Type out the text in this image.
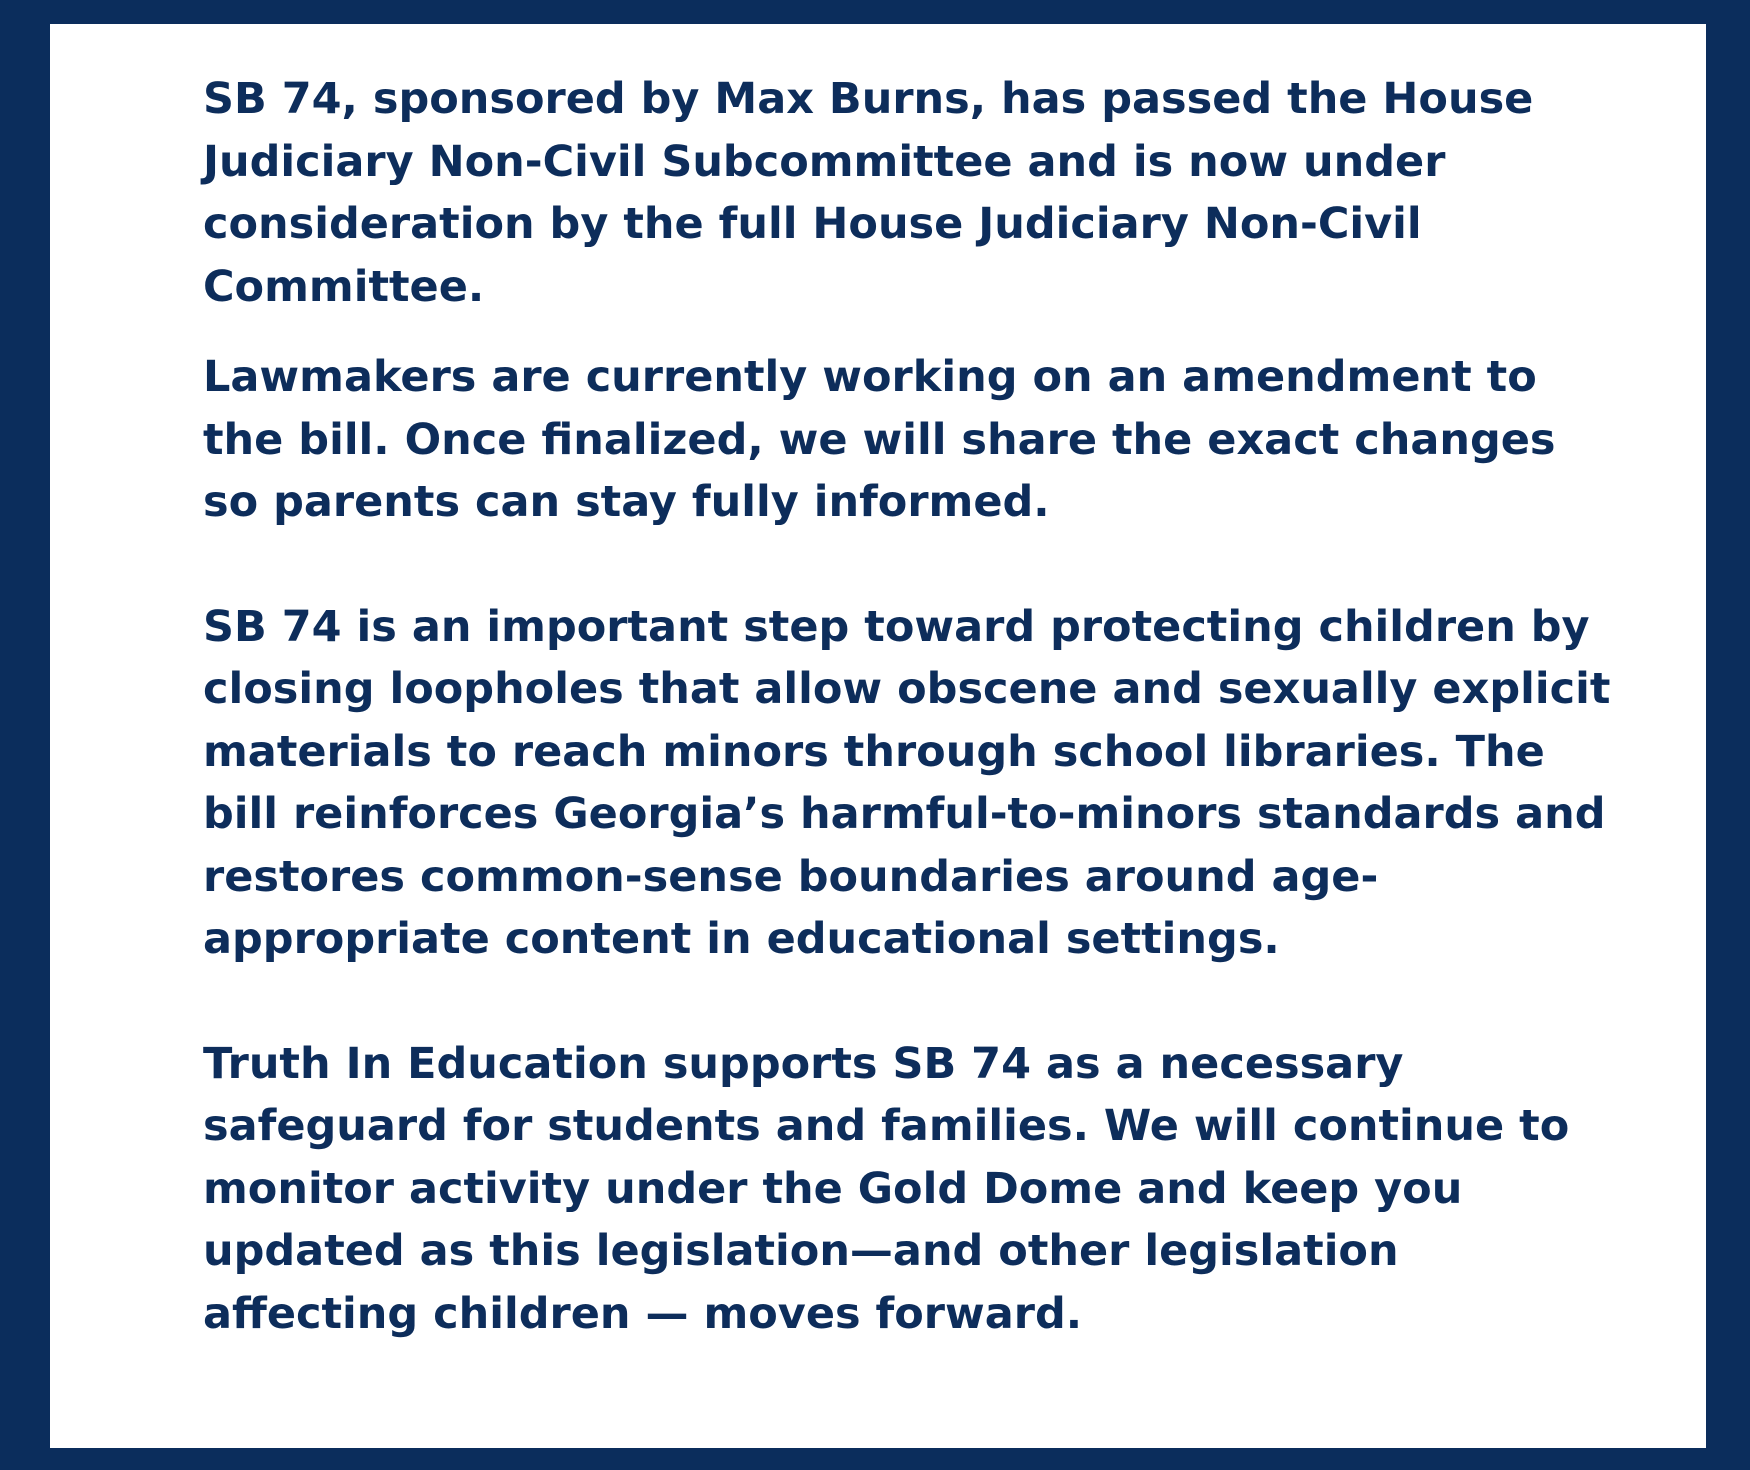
SB 74, sponsored by Max Burns, has passed the House Judiciary Non-Civil Subcommittee and is now under consideration by the full House Judiciary Non-Civil Committee.

Lawmakers are currently working on an amendment to the bill. Once finalized, we will share the exact changes so parents can stay fully informed.

SB 74 is an important step toward protecting children by closing loopholes that allow obscene and sexually explicit materials to reach minors through school libraries. The bill reinforces Georgia’s harmful-to-minors standards and restores common-sense boundaries around age-appropriate content in educational settings.

Truth In Education supports SB 74 as a necessary safeguard for students and families. We will continue to monitor activity under the Gold Dome and keep you updated as this legislation—and other legislation affecting children — moves forward.
